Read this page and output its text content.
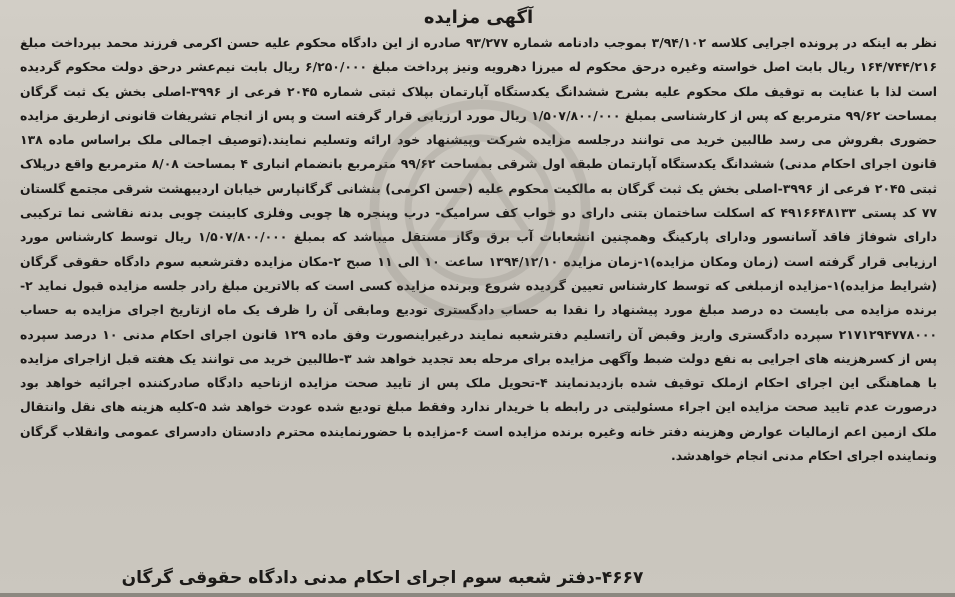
آگهی مزایده

نظر به اینکه در پرونده اجرایی کلاسه ۳/۹۴/۱۰۲ بموجب دادنامه شماره ۹۳/۲۷۷ صادره از این دادگاه محکوم علیه حسن اکرمی فرزند محمد بپرداخت مبلغ ۱۶۴/۷۴۴/۲۱۶ ریال بابت اصل خواسته وغیره درحق محکوم له میرزا دهرویه ونیز پرداخت مبلغ ۶/۲۵۰/۰۰۰ ریال بابت نیم‌عشر درحق دولت محکوم گردیده است لذا با عنایت به توقیف ملک محکوم علیه بشرح ششدانگ یکدستگاه آپارتمان بپلاک ثبتی شماره ۲۰۴۵ فرعی از ۳۹۹۶-اصلی بخش یک ثبت گرگان بمساحت ۹۹/۶۲ مترمربع که پس از کارشناسی بمبلغ ۱/۵۰۷/۸۰۰/۰۰۰ ریال مورد ارزیابی قرار گرفته است و پس از انجام تشریفات قانونی ازطریق مزایده حضوری بفروش می رسد طالبین خرید می توانند درجلسه مزایده شرکت وپیشنهاد خود ارائه وتسلیم نمایند.(توصیف اجمالی ملک براساس ماده ۱۳۸ قانون اجرای احکام مدنی) ششدانگ یکدستگاه آپارتمان طبقه اول شرقی بمساحت ۹۹/۶۲ مترمربع بانضمام انباری ۴ بمساحت ۸/۰۸ مترمربع واقع درپلاک ثبتی ۲۰۴۵ فرعی از ۳۹۹۶-اصلی بخش یک ثبت گرگان به مالکیت محکوم علیه (حسن اکرمی) بنشانی گرگانپارس خیابان اردیبهشت شرقی مجتمع گلستان ۷۷ کد پستی ۴۹۱۶۶۴۸۱۳۳ که اسکلت ساختمان بتنی دارای دو خواب کف سرامیک- درب وپنجره ها چوبی وفلزی کابینت چوبی بدنه نقاشی نما ترکیبی دارای شوفاژ فاقد آسانسور ودارای پارکینگ وهمچنین انشعابات آب برق وگاز مستقل میباشد که بمبلغ ۱/۵۰۷/۸۰۰/۰۰۰ ریال توسط کارشناس مورد ارزیابی قرار گرفته است (زمان ومکان مزایده)۱-زمان مزایده ۱۳۹۴/۱۲/۱۰ ساعت ۱۰ الی ۱۱ صبح ۲-مکان مزایده دفترشعبه سوم دادگاه حقوقی گرگان (شرایط مزایده)۱-مزایده ازمبلغی که توسط کارشناس تعیین گردیده شروع وبرنده مزایده کسی است که بالاترین مبلغ رادر جلسه مزایده قبول نماید ۲-برنده مزایده می بایست ده درصد مبلغ مورد پیشنهاد را نقدا به حساب دادگستری تودیع ومابقی آن را ظرف یک ماه ازتاریخ اجرای مزایده به حساب ۲۱۷۱۲۹۴۷۷۸۰۰۰ سپرده دادگستری واریز وقبض آن راتسلیم دفترشعبه نمایند درغیراینصورت وفق ماده ۱۲۹ قانون اجرای احکام مدنی ۱۰ درصد سپرده پس از کسرهزینه های اجرایی به نفع دولت ضبط وآگهی مزایده برای مرحله بعد تجدید خواهد شد ۳-طالبین خرید می توانند یک هفته قبل ازاجرای مزایده با هماهنگی این اجرای احکام ازملک توقیف شده بازدیدنمایند ۴-تحویل ملک پس از تایید صحت مزایده ازناحیه دادگاه صادرکننده اجرائیه خواهد بود درصورت عدم تایید صحت مزایده این اجراء مسئولیتی در رابطه با خریدار ندارد وفقط مبلغ تودیع شده عودت خواهد شد ۵-کلیه هزینه های نقل وانتقال ملک ازمین اعم ازمالیات عوارض وهزینه دفتر خانه وغیره برنده مزایده است ۶-مزایده با حضورنماینده محترم دادستان دادسرای عمومی وانقلاب گرگان ونماینده اجرای احکام مدنی انجام خواهدشد.

۴۶۶۷-دفتر شعبه سوم اجرای احکام مدنی دادگاه حقوقی گرگان
